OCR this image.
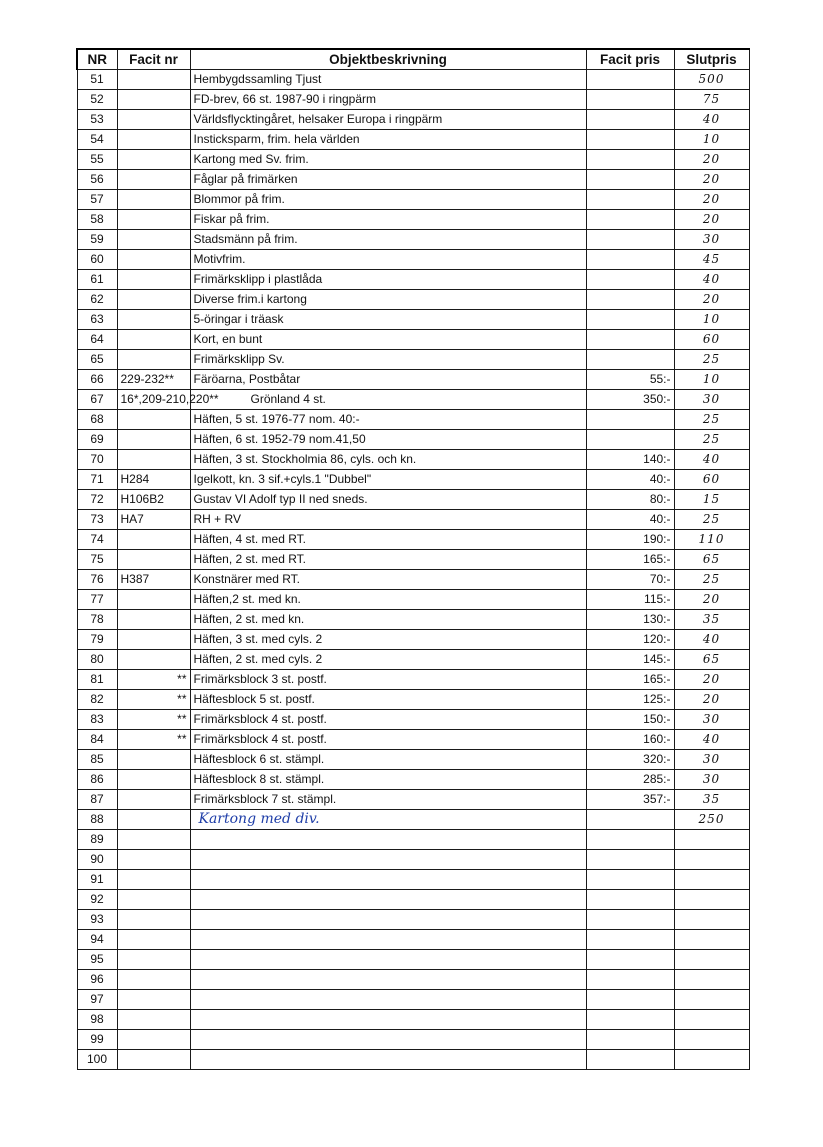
NR	Facit nr	Objektbeskrivning	Facit pris	Slutpris
51		Hembygdssamling Tjust		500
52		FD-brev, 66 st. 1987-90 i ringpärm		75
53		Världsflycktingåret, helsaker Europa i ringpärm		40
54		Insticksparm, frim. hela världen		10
55		Kartong med Sv. frim.		20
56		Fåglar på frimärken		20
57		Blommor på frim.		20
58		Fiskar på frim.		20
59		Stadsmänn på frim.		30
60		Motivfrim.		45
61		Frimärksklipp i plastlåda		40
62		Diverse frim.i kartong		20
63		5-öringar i träask		10
64		Kort, en bunt		60
65		Frimärksklipp Sv.		25
66	229-232**	Färöarna, Postbåtar	55:-	10
67	16*,209-210,220**	Grönland 4 st.	350:-	30
68		Häften, 5 st. 1976-77 nom. 40:-		25
69		Häften, 6 st. 1952-79 nom.41,50		25
70		Häften, 3 st. Stockholmia 86, cyls. och kn.	140:-	40
71	H284	Igelkott, kn. 3 sif.+cyls.1 "Dubbel"	40:-	60
72	H106B2	Gustav VI Adolf typ II ned sneds.	80:-	15
73	HA7	RH + RV	40:-	25
74		Häften, 4 st. med RT.	190:-	110
75		Häften, 2 st. med RT.	165:-	65
76	H387	Konstnärer med RT.	70:-	25
77		Häften,2 st. med kn.	115:-	20
78		Häften, 2 st. med kn.	130:-	35
79		Häften, 3 st. med cyls. 2	120:-	40
80		Häften, 2 st. med cyls. 2	145:-	65
81	**	Frimärksblock 3 st. postf.	165:-	20
82	**	Häftesblock 5 st. postf.	125:-	20
83	**	Frimärksblock 4 st. postf.	150:-	30
84	**	Frimärksblock 4 st. postf.	160:-	40
85		Häftesblock 6 st. stämpl.	320:-	30
86		Häftesblock 8 st. stämpl.	285:-	30
87		Frimärksblock 7 st. stämpl.	357:-	35
88		Kartong med div.		250
89				
90				
91				
92				
93				
94				
95				
96				
97				
98				
99				
100				
